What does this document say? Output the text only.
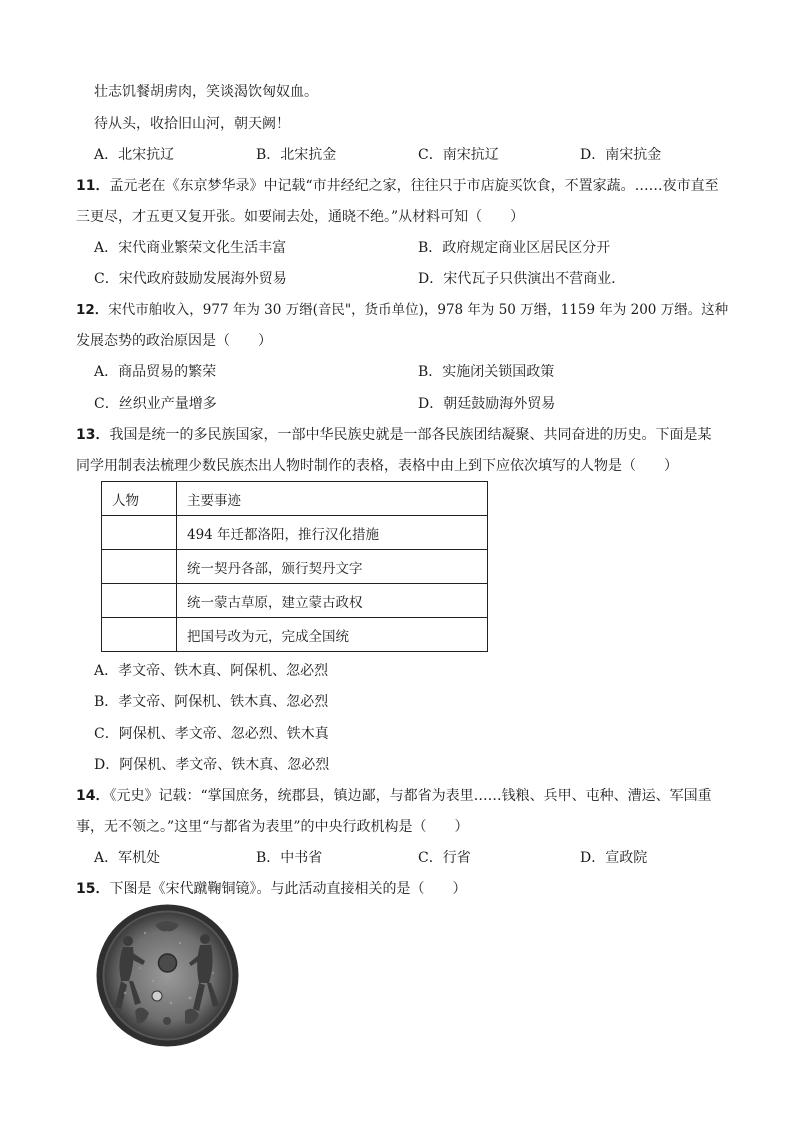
壮志饥餐胡虏肉，笑谈渴饮匈奴血。
待从头，收拾旧山河，朝天阙！
A．北宋抗辽	B．北宋抗金	C．南宋抗辽	D．南宋抗金
11．孟元老在《东京梦华录》中记载“市井经纪之家，往往只于市店旋买饮食，不置家蔬。……夜市直至
三更尽，才五更又复开张。如要闹去处，通晓不绝。”从材料可知（　　）
A．宋代商业繁荣文化生活丰富	B．政府规定商业区居民区分开
C．宋代政府鼓励发展海外贸易	D．宋代瓦子只供演出不营商业．
12．宋代市舶收入，977 年为 30 万缗(音民"，货币单位)，978 年为 50 万缗，1159 年为 200 万缗。这种
发展态势的政治原因是（　　）
A．商品贸易的繁荣	B．实施闭关锁国政策
C．丝织业产量增多	D．朝廷鼓励海外贸易
13．我国是统一的多民族国家，一部中华民族史就是一部各民族团结凝聚、共同奋进的历史。下面是某
同学用制表法梳理少数民族杰出人物时制作的表格，表格中由上到下应依次填写的人物是（　　）
人物	主要事迹
	494 年迁都洛阳，推行汉化措施
	统一契丹各部，颁行契丹文字
	统一蒙古草原，建立蒙古政权
	把国号改为元，完成全国统
A．孝文帝、铁木真、阿保机、忽必烈
B．孝文帝、阿保机、铁木真、忽必烈
C．阿保机、孝文帝、忽必烈、铁木真
D．阿保机、孝文帝、铁木真、忽必烈
14．《元史》记载：“掌国庶务，统郡县，镇边鄙，与都省为表里……钱粮、兵甲、屯种、漕运、军国重
事，无不领之。”这里“与都省为表里”的中央行政机构是（　　）
A．军机处	B．中书省	C．行省	D．宣政院
15．下图是《宋代蹴鞠铜镜》。与此活动直接相关的是（　　）
